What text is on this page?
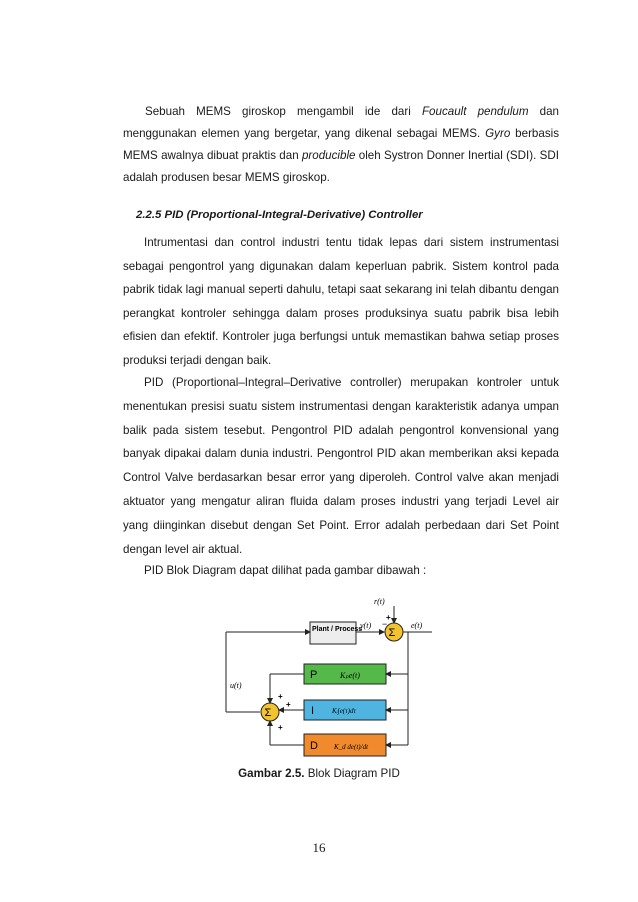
Sebuah MEMS giroskop mengambil ide dari Foucault pendulum dan menggunakan elemen yang bergetar, yang dikenal sebagai MEMS. Gyro berbasis MEMS awalnya dibuat praktis dan producible oleh Systron Donner Inertial (SDI). SDI adalah produsen besar MEMS giroskop.

2.2.5 PID (Proportional-Integral-Derivative) Controller

Intrumentasi dan control industri tentu tidak lepas dari sistem instrumentasi sebagai pengontrol yang digunakan dalam keperluan pabrik. Sistem kontrol pada pabrik tidak lagi manual seperti dahulu, tetapi saat sekarang ini telah dibantu dengan perangkat kontroler sehingga dalam proses produksinya suatu pabrik bisa lebih efisien dan efektif. Kontroler juga berfungsi untuk memastikan bahwa setiap proses produksi terjadi dengan baik.

PID (Proportional–Integral–Derivative controller) merupakan kontroler untuk menentukan presisi suatu sistem instrumentasi dengan karakteristik adanya umpan balik pada sistem tesebut. Pengontrol PID adalah pengontrol konvensional yang banyak dipakai dalam dunia industri. Pengontrol PID akan memberikan aksi kepada Control Valve berdasarkan besar error yang diperoleh. Control valve akan menjadi aktuator yang mengatur aliran fluida dalam proses industri yang terjadi Level air yang diinginkan disebut dengan Set Point. Error adalah perbedaan dari Set Point dengan level air aktual.

PID Blok Diagram dapat dilihat pada gambar dibawah :

r(t)
+
Σ
−	e(t)
Plant / Process
y(t)
u(t)
Σ
P	Kₚe(t)
I	Kᵢ∫e(τ)dτ
D K_d de(t)/dt
+
+
+
Gambar 2.5. Blok Diagram PID
16
